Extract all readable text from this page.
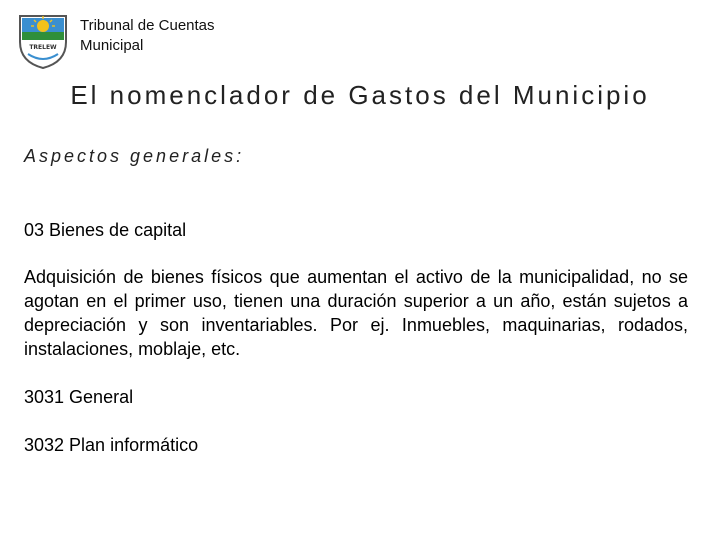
TRELEW
Tribunal de Cuentas
Municipal
El nomenclador de Gastos del Municipio
Aspectos generales:
03 Bienes de capital
Adquisición de bienes físicos que aumentan el activo de la municipalidad, no se agotan en el primer uso, tienen una duración superior a un año, están sujetos a depreciación y son inventariables. Por ej. Inmuebles, maquinarias, rodados, instalaciones, moblaje, etc.
3031 General
3032 Plan informático
